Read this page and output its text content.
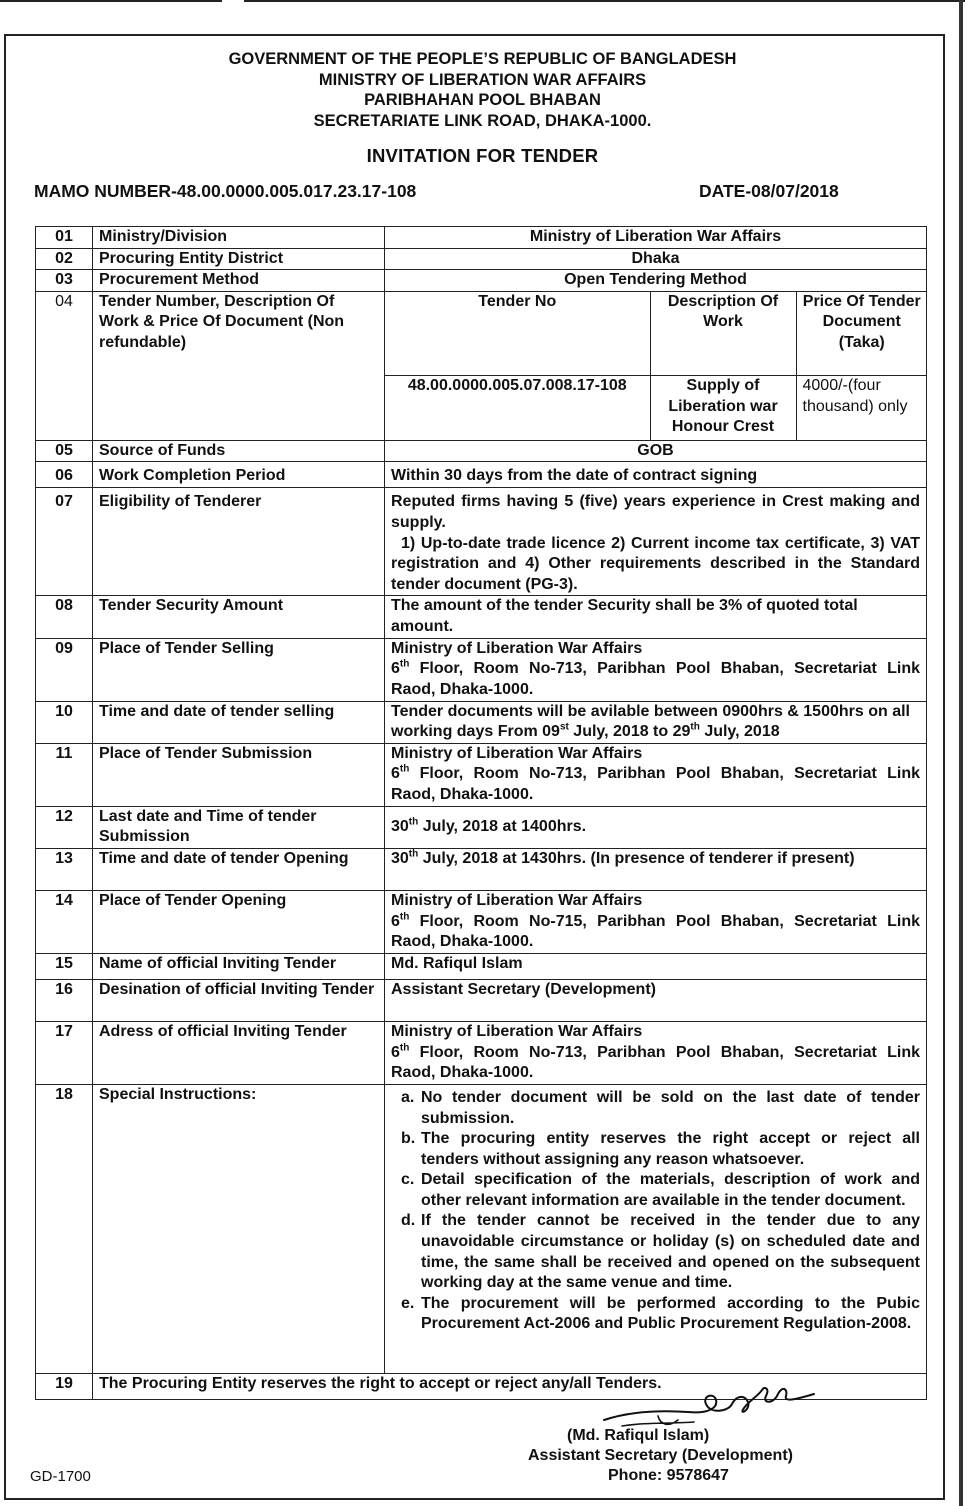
GOVERNMENT OF THE PEOPLE’S REPUBLIC OF BANGLADESH
MINISTRY OF LIBERATION WAR AFFAIRS
PARIBHAHAN POOL BHABAN
SECRETARIATE LINK ROAD, DHAKA-1000.
INVITATION FOR TENDER
MAMO NUMBER-48.00.0000.005.017.23.17-108	DATE-08/07/2018
01	Ministry/Division	Ministry of Liberation War Affairs
02	Procuring Entity District	Dhaka
03	Procurement Method	Open Tendering Method
04	Tender Number, Description Of Work & Price Of Document (Non refundable)	
Tender No	Description Of Work	Price Of Tender Document (Taka)
48.00.0000.005.07.008.17-108	Supply of Liberation war Honour Crest	4000/-(four thousand) only

05	Source of Funds	GOB
06	Work Completion Period	Within 30 days from the date of contract signing
07	Eligibility of Tenderer	Reputed firms having 5 (five) years experience in Crest making and supply.
1) Up-to-date trade licence 2) Current income tax certificate, 3) VAT registration and 4) Other requirements described in the Standard tender document (PG-3).

08	Tender Security Amount	The amount of the tender Security shall be 3% of quoted total amount.
09	Place of Tender Selling	Ministry of Liberation War Affairs
6th Floor, Room No-713, Paribhan Pool Bhaban, Secretariat Link Raod, Dhaka-1000.

10	Time and date of tender selling	Tender documents will be avilable between 0900hrs & 1500hrs on all working days From 09st July, 2018 to 29th July, 2018
11	Place of Tender Submission	Ministry of Liberation War Affairs
6th Floor, Room No-713, Paribhan Pool Bhaban, Secretariat Link Raod, Dhaka-1000.

12	Last date and Time of tender Submission	30th July, 2018 at 1400hrs.
13	Time and date of tender Opening	30th July, 2018 at 1430hrs. (In presence of tenderer if present)
14	Place of Tender Opening	Ministry of Liberation War Affairs
6th Floor, Room No-715, Paribhan Pool Bhaban, Secretariat Link Raod, Dhaka-1000.

15	Name of official Inviting Tender	Md. Rafiqul Islam
16	Desination of official Inviting Tender	Assistant Secretary (Development)
17	Adress of official Inviting Tender	Ministry of Liberation War Affairs
6th Floor, Room No-713, Paribhan Pool Bhaban, Secretariat Link Raod, Dhaka-1000.

18	Special Instructions:	a. No tender document will be sold on the last date of tender submission.
b. The procuring entity reserves the right accept or reject all tenders without assigning any reason whatsoever.
c. Detail specification of the materials, description of work and other relevant information are available in the tender document.
d. If the tender cannot be received in the tender due to any unavoidable circumstance or holiday (s) on scheduled date and time, the same shall be received and opened on the subsequent working day at the same venue and time.
e. The procurement will be performed according to the Pubic Procurement Act-2006 and Public Procurement Regulation-2008.

19	The Procuring Entity reserves the right to accept or reject any/all Tenders.
(Md. Rafiqul Islam)
Assistant Secretary (Development)
Phone: 9578647
GD-1700
